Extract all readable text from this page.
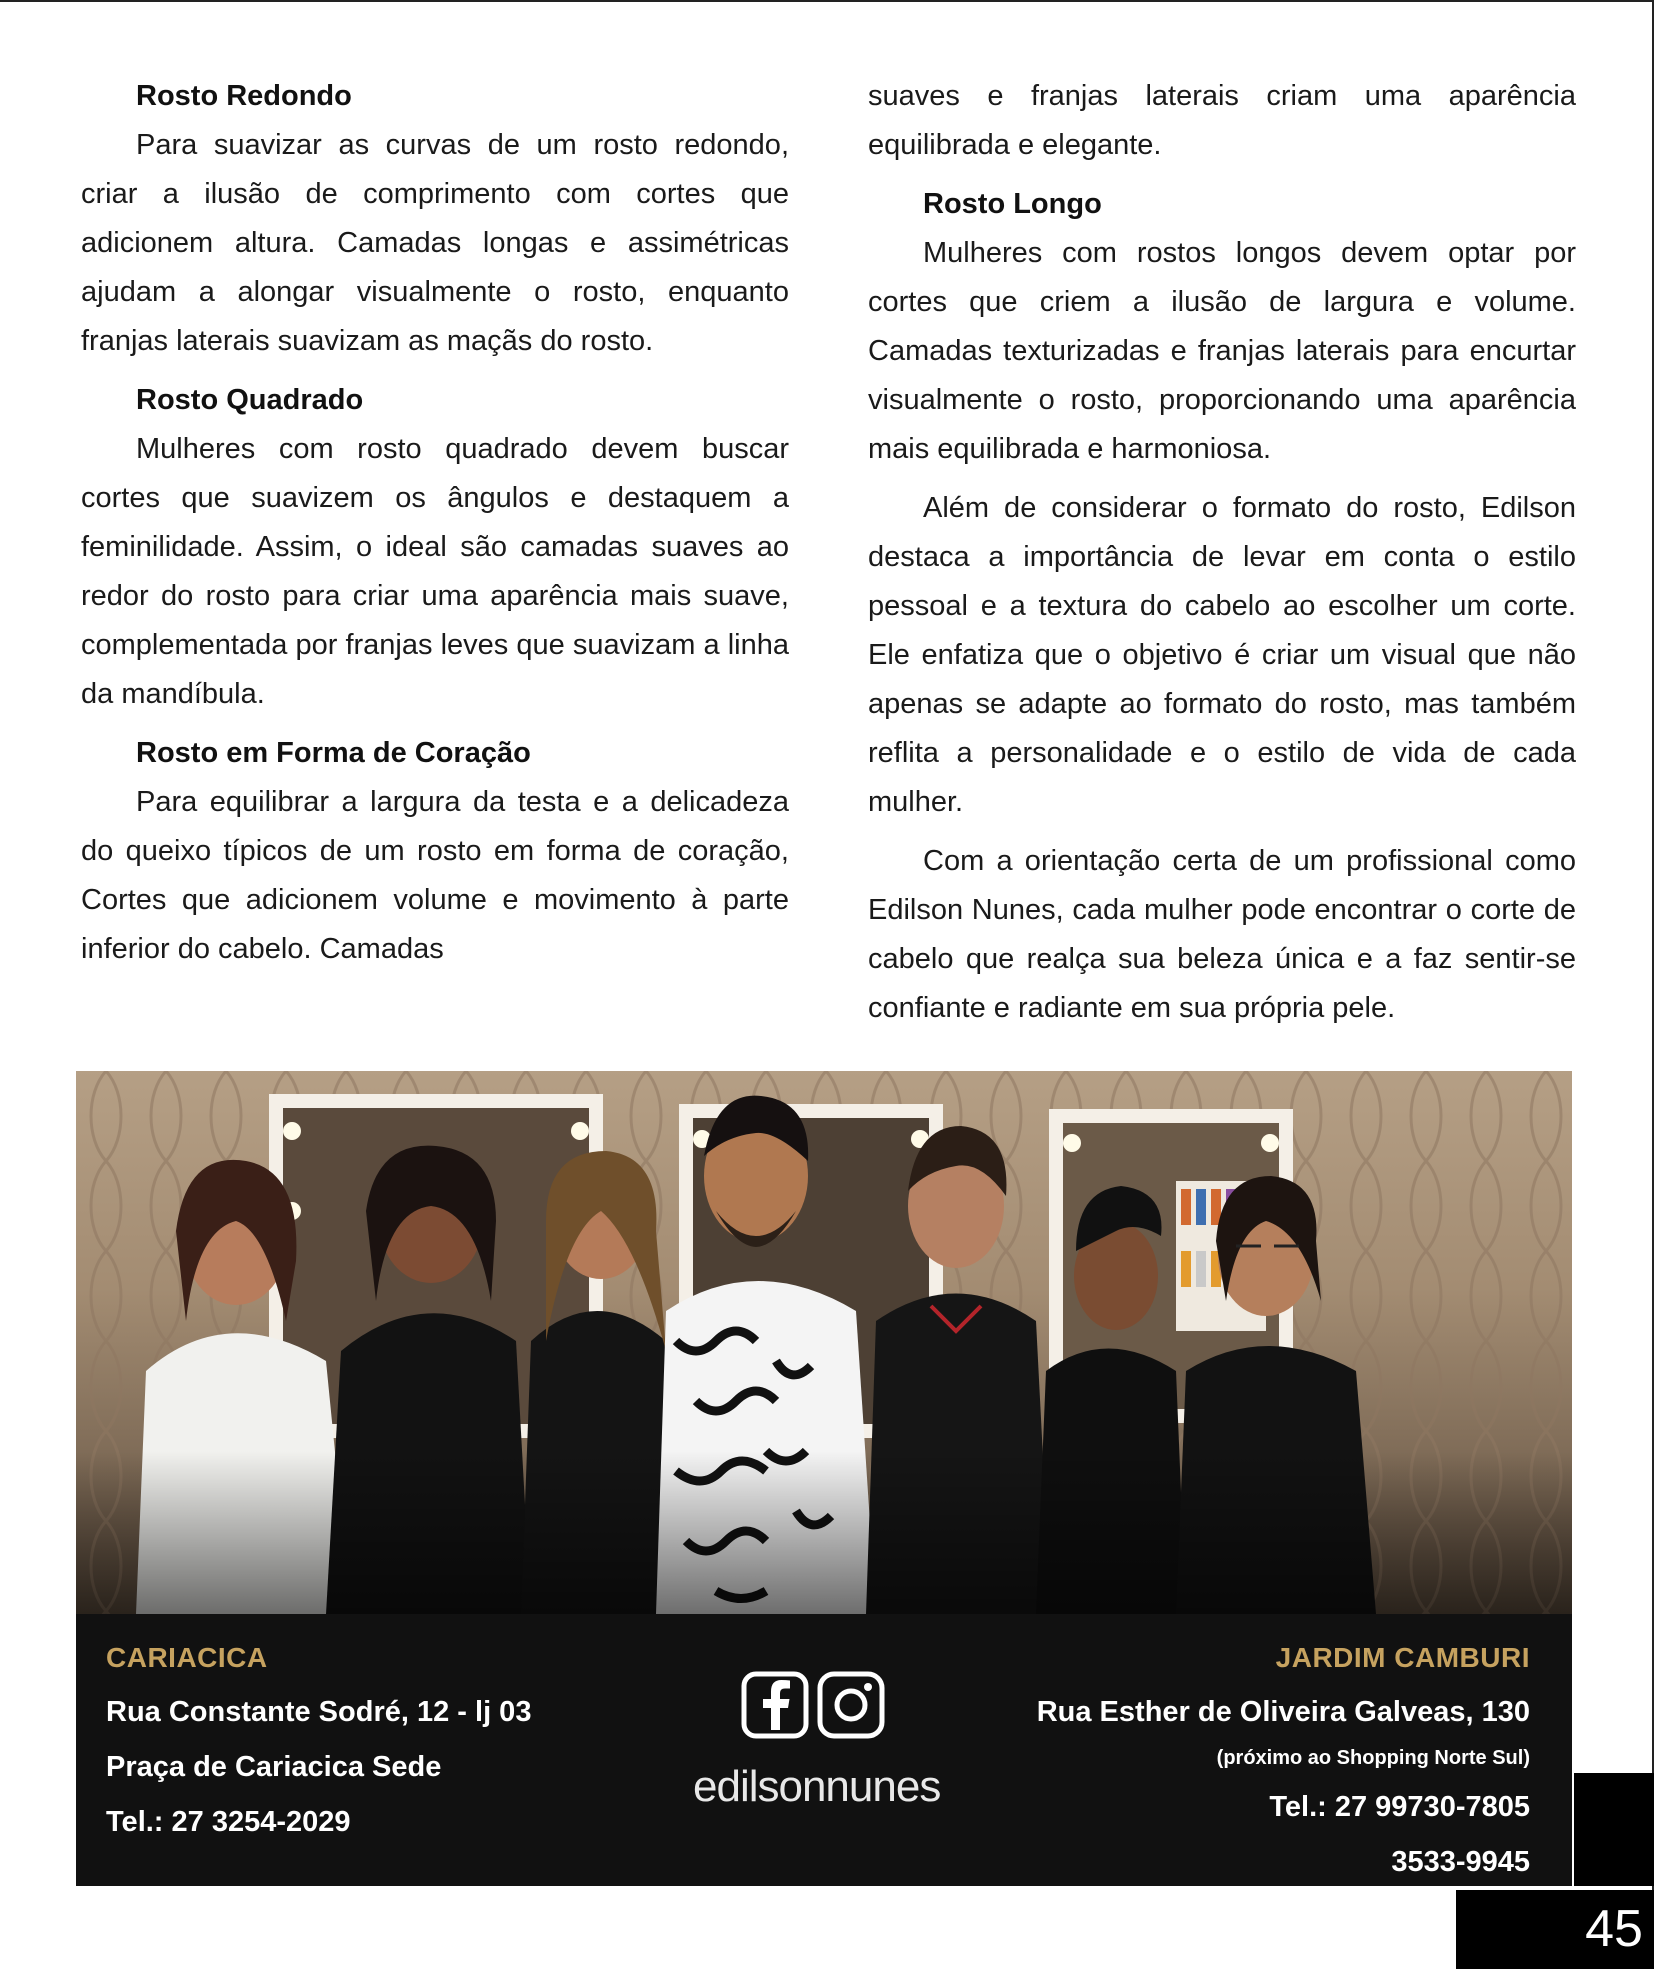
Rosto Redondo

Para suavizar as curvas de um rosto redondo, criar a ilusão de comprimento com cortes que adicionem altura. Camadas longas e assimétricas ajudam a alongar visualmente o rosto, enquanto franjas laterais suavizam as maçãs do rosto.

Rosto Quadrado

Mulheres com rosto quadrado devem buscar cortes que suavizem os ângulos e destaquem a feminilidade. Assim, o ideal são camadas suaves ao redor do rosto para criar uma aparência mais suave, complementada por franjas leves que suavizam a linha da mandíbula.

Rosto em Forma de Coração

Para equilibrar a largura da testa e a delicadeza do queixo típicos de um rosto em forma de coração, Cortes que adicionem volume e movimento à parte inferior do cabelo. Camadas

suaves e franjas laterais criam uma aparência equilibrada e elegante.

Rosto Longo

Mulheres com rostos longos devem optar por cortes que criem a ilusão de largura e volume. Camadas texturizadas e franjas laterais para encurtar visualmente o rosto, proporcionando uma aparência mais equilibrada e harmoniosa.

Além de considerar o formato do rosto, Edilson destaca a importância de levar em conta o estilo pessoal e a textura do cabelo ao escolher um corte. Ele enfatiza que o objetivo é criar um visual que não apenas se adapte ao formato do rosto, mas também reflita a personalidade e o estilo de vida de cada mulher.

Com a orientação certa de um profissional como Edilson Nunes, cada mulher pode encontrar o corte de cabelo que realça sua beleza única e a faz sentir-se confiante e radiante em sua própria pele.

CARIACICA
Rua Constante Sodré, 12 - lj 03
Praça de Cariacica Sede
Tel.: 27 3254-2029
edilsonnunes
JARDIM CAMBURI
Rua Esther de Oliveira Galveas, 130
(próximo ao Shopping Norte Sul)
Tel.: 27 99730-7805
3533-9945
45
